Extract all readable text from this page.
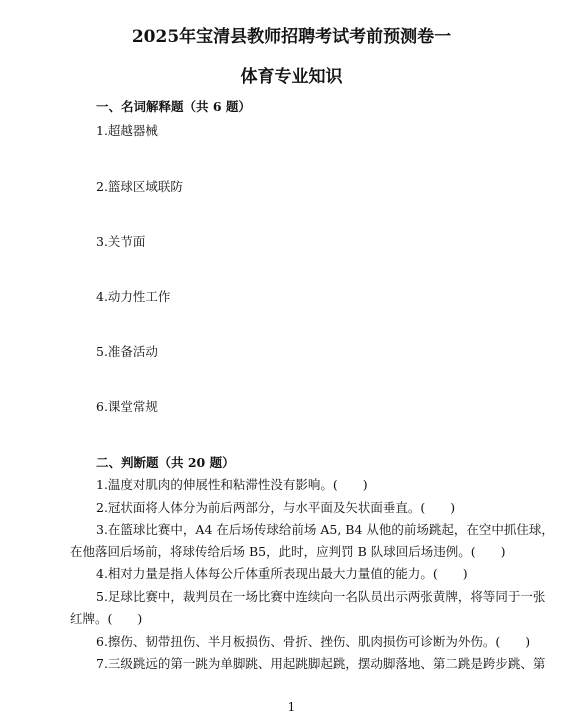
2025年宝清县教师招聘考试考前预测卷一
体育专业知识
一、名词解释题（共 6 题）
1.超越器械
2.篮球区域联防
3.关节面
4.动力性工作
5.准备活动
6.课堂常规
二、判断题（共 20 题）
1.温度对肌肉的伸展性和粘滞性没有影响。(　　)
2.冠状面将人体分为前后两部分，与水平面及矢状面垂直。(　　)
3.在篮球比赛中，A4 在后场传球给前场 A5, B4 从他的前场跳起，在空中抓住球，
在他落回后场前，将球传给后场 B5，此时，应判罚 B 队球回后场违例。(　　)
4.相对力量是指人体每公斤体重所表现出最大力量值的能力。(　　)
5.足球比赛中，裁判员在一场比赛中连续向一名队员出示两张黄牌，将等同于一张
红牌。(　　)
6.擦伤、韧带扭伤、半月板损伤、骨折、挫伤、肌肉损伤可诊断为外伤。(　　)
7.三级跳远的第一跳为单脚跳、用起跳脚起跳，摆动脚落地、第二跳是跨步跳、第
1
